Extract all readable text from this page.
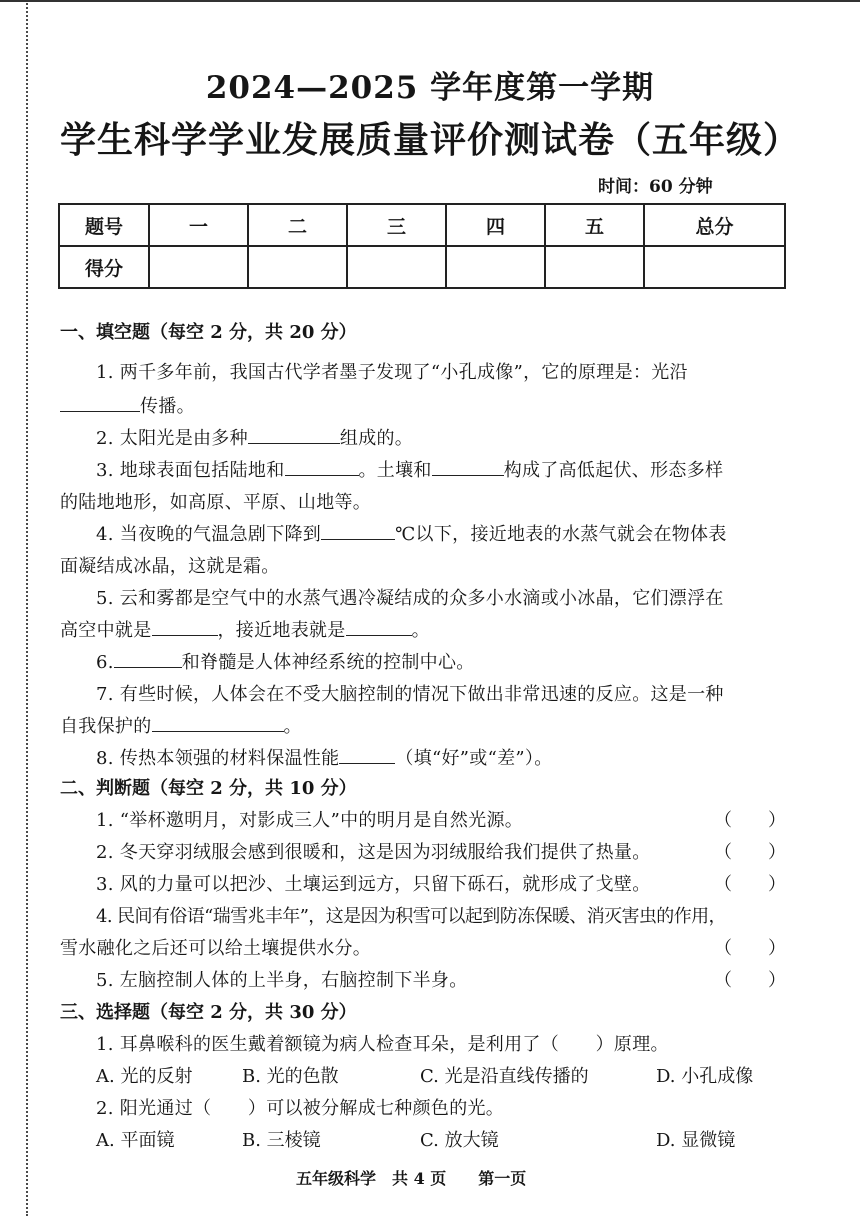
2024—2025 学年度第一学期
学生科学学业发展质量评价测试卷（五年级）
时间：60 分钟
题号	一	二	三	四	五	总分
得分						
一、填空题（每空 2 分，共 20 分）
1. 两千多年前，我国古代学者墨子发现了“小孔成像”，它的原理是：光沿
传播。
2. 太阳光是由多种	组成的。
3. 地球表面包括陆地和	。土壤和	构成了高低起伏、形态多样
的陆地地形，如高原、平原、山地等。
4. 当夜晚的气温急剧下降到	℃以下，接近地表的水蒸气就会在物体表
面凝结成冰晶，这就是霜。
5. 云和雾都是空气中的水蒸气遇冷凝结成的众多小水滴或小冰晶，它们漂浮在
高空中就是	，接近地表就是	。
6.	和脊髓是人体神经系统的控制中心。
7. 有些时候，人体会在不受大脑控制的情况下做出非常迅速的反应。这是一种
自我保护的	。
8. 传热本领强的材料保温性能	（填“好”或“差”）。
二、判断题（每空 2 分，共 10 分）
1. “举杯邀明月，对影成三人”中的明月是自然光源。	（　　）
2. 冬天穿羽绒服会感到很暖和，这是因为羽绒服给我们提供了热量。	（　　）
3. 风的力量可以把沙、土壤运到远方，只留下砾石，就形成了戈壁。	（　　）
4. 民间有俗语“瑞雪兆丰年”，这是因为积雪可以起到防冻保暖、消灭害虫的作用，
雪水融化之后还可以给土壤提供水分。	（　　）
5. 左脑控制人体的上半身，右脑控制下半身。	（　　）
三、选择题（每空 2 分，共 30 分）
1. 耳鼻喉科的医生戴着额镜为病人检查耳朵，是利用了（　　）原理。
A. 光的反射	B. 光的色散	C. 光是沿直线传播的	D. 小孔成像
2. 阳光通过（　　）可以被分解成七种颜色的光。
A. 平面镜	B. 三棱镜	C. 放大镜	D. 显微镜
五年级科学　共 4 页　　第一页
